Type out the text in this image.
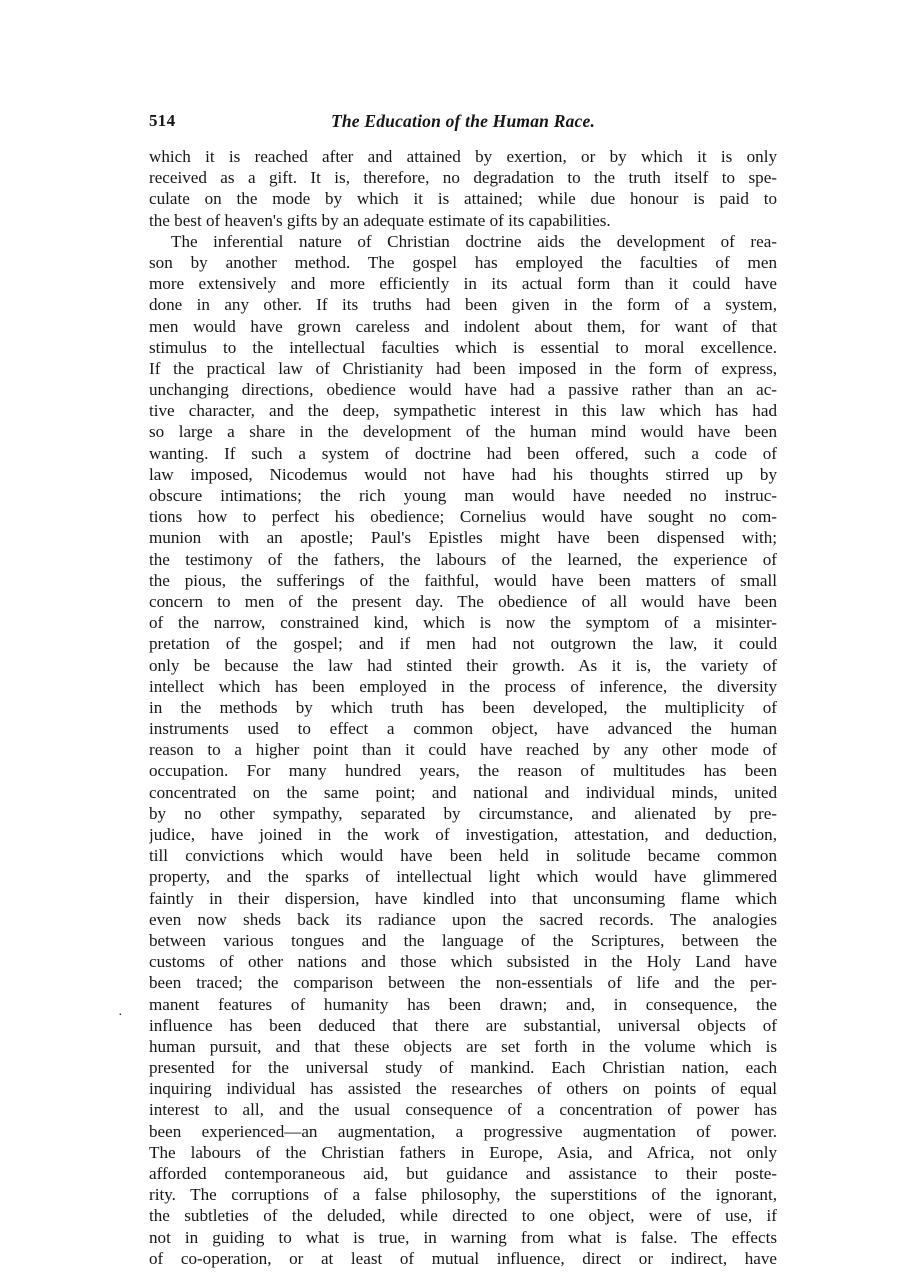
514	The Education of the Human Race.
·
which it is reached after and attained by exertion, or by which it is only
received as a gift. It is, therefore, no degradation to the truth itself to spe-
culate on the mode by which it is attained; while due honour is paid to
the best of heaven's gifts by an adequate estimate of its capabilities.
The inferential nature of Christian doctrine aids the development of rea-
son by another method. The gospel has employed the faculties of men
more extensively and more efficiently in its actual form than it could have
done in any other. If its truths had been given in the form of a system,
men would have grown careless and indolent about them, for want of that
stimulus to the intellectual faculties which is essential to moral excellence.
If the practical law of Christianity had been imposed in the form of express,
unchanging directions, obedience would have had a passive rather than an ac-
tive character, and the deep, sympathetic interest in this law which has had
so large a share in the development of the human mind would have been
wanting. If such a system of doctrine had been offered, such a code of
law imposed, Nicodemus would not have had his thoughts stirred up by
obscure intimations; the rich young man would have needed no instruc-
tions how to perfect his obedience; Cornelius would have sought no com-
munion with an apostle; Paul's Epistles might have been dispensed with;
the testimony of the fathers, the labours of the learned, the experience of
the pious, the sufferings of the faithful, would have been matters of small
concern to men of the present day. The obedience of all would have been
of the narrow, constrained kind, which is now the symptom of a misinter-
pretation of the gospel; and if men had not outgrown the law, it could
only be because the law had stinted their growth. As it is, the variety of
intellect which has been employed in the process of inference, the diversity
in the methods by which truth has been developed, the multiplicity of
instruments used to effect a common object, have advanced the human
reason to a higher point than it could have reached by any other mode of
occupation. For many hundred years, the reason of multitudes has been
concentrated on the same point; and national and individual minds, united
by no other sympathy, separated by circumstance, and alienated by pre-
judice, have joined in the work of investigation, attestation, and deduction,
till convictions which would have been held in solitude became common
property, and the sparks of intellectual light which would have glimmered
faintly in their dispersion, have kindled into that unconsuming flame which
even now sheds back its radiance upon the sacred records. The analogies
between various tongues and the language of the Scriptures, between the
customs of other nations and those which subsisted in the Holy Land have
been traced; the comparison between the non-essentials of life and the per-
manent features of humanity has been drawn; and, in consequence, the
influence has been deduced that there are substantial, universal objects of
human pursuit, and that these objects are set forth in the volume which is
presented for the universal study of mankind. Each Christian nation, each
inquiring individual has assisted the researches of others on points of equal
interest to all, and the usual consequence of a concentration of power has
been experienced—an augmentation, a progressive augmentation of power.
The labours of the Christian fathers in Europe, Asia, and Africa, not only
afforded contemporaneous aid, but guidance and assistance to their poste-
rity. The corruptions of a false philosophy, the superstitions of the ignorant,
the subtleties of the deluded, while directed to one object, were of use, if
not in guiding to what is true, in warning from what is false. The effects
of co-operation, or at least of mutual influence, direct or indirect, have
